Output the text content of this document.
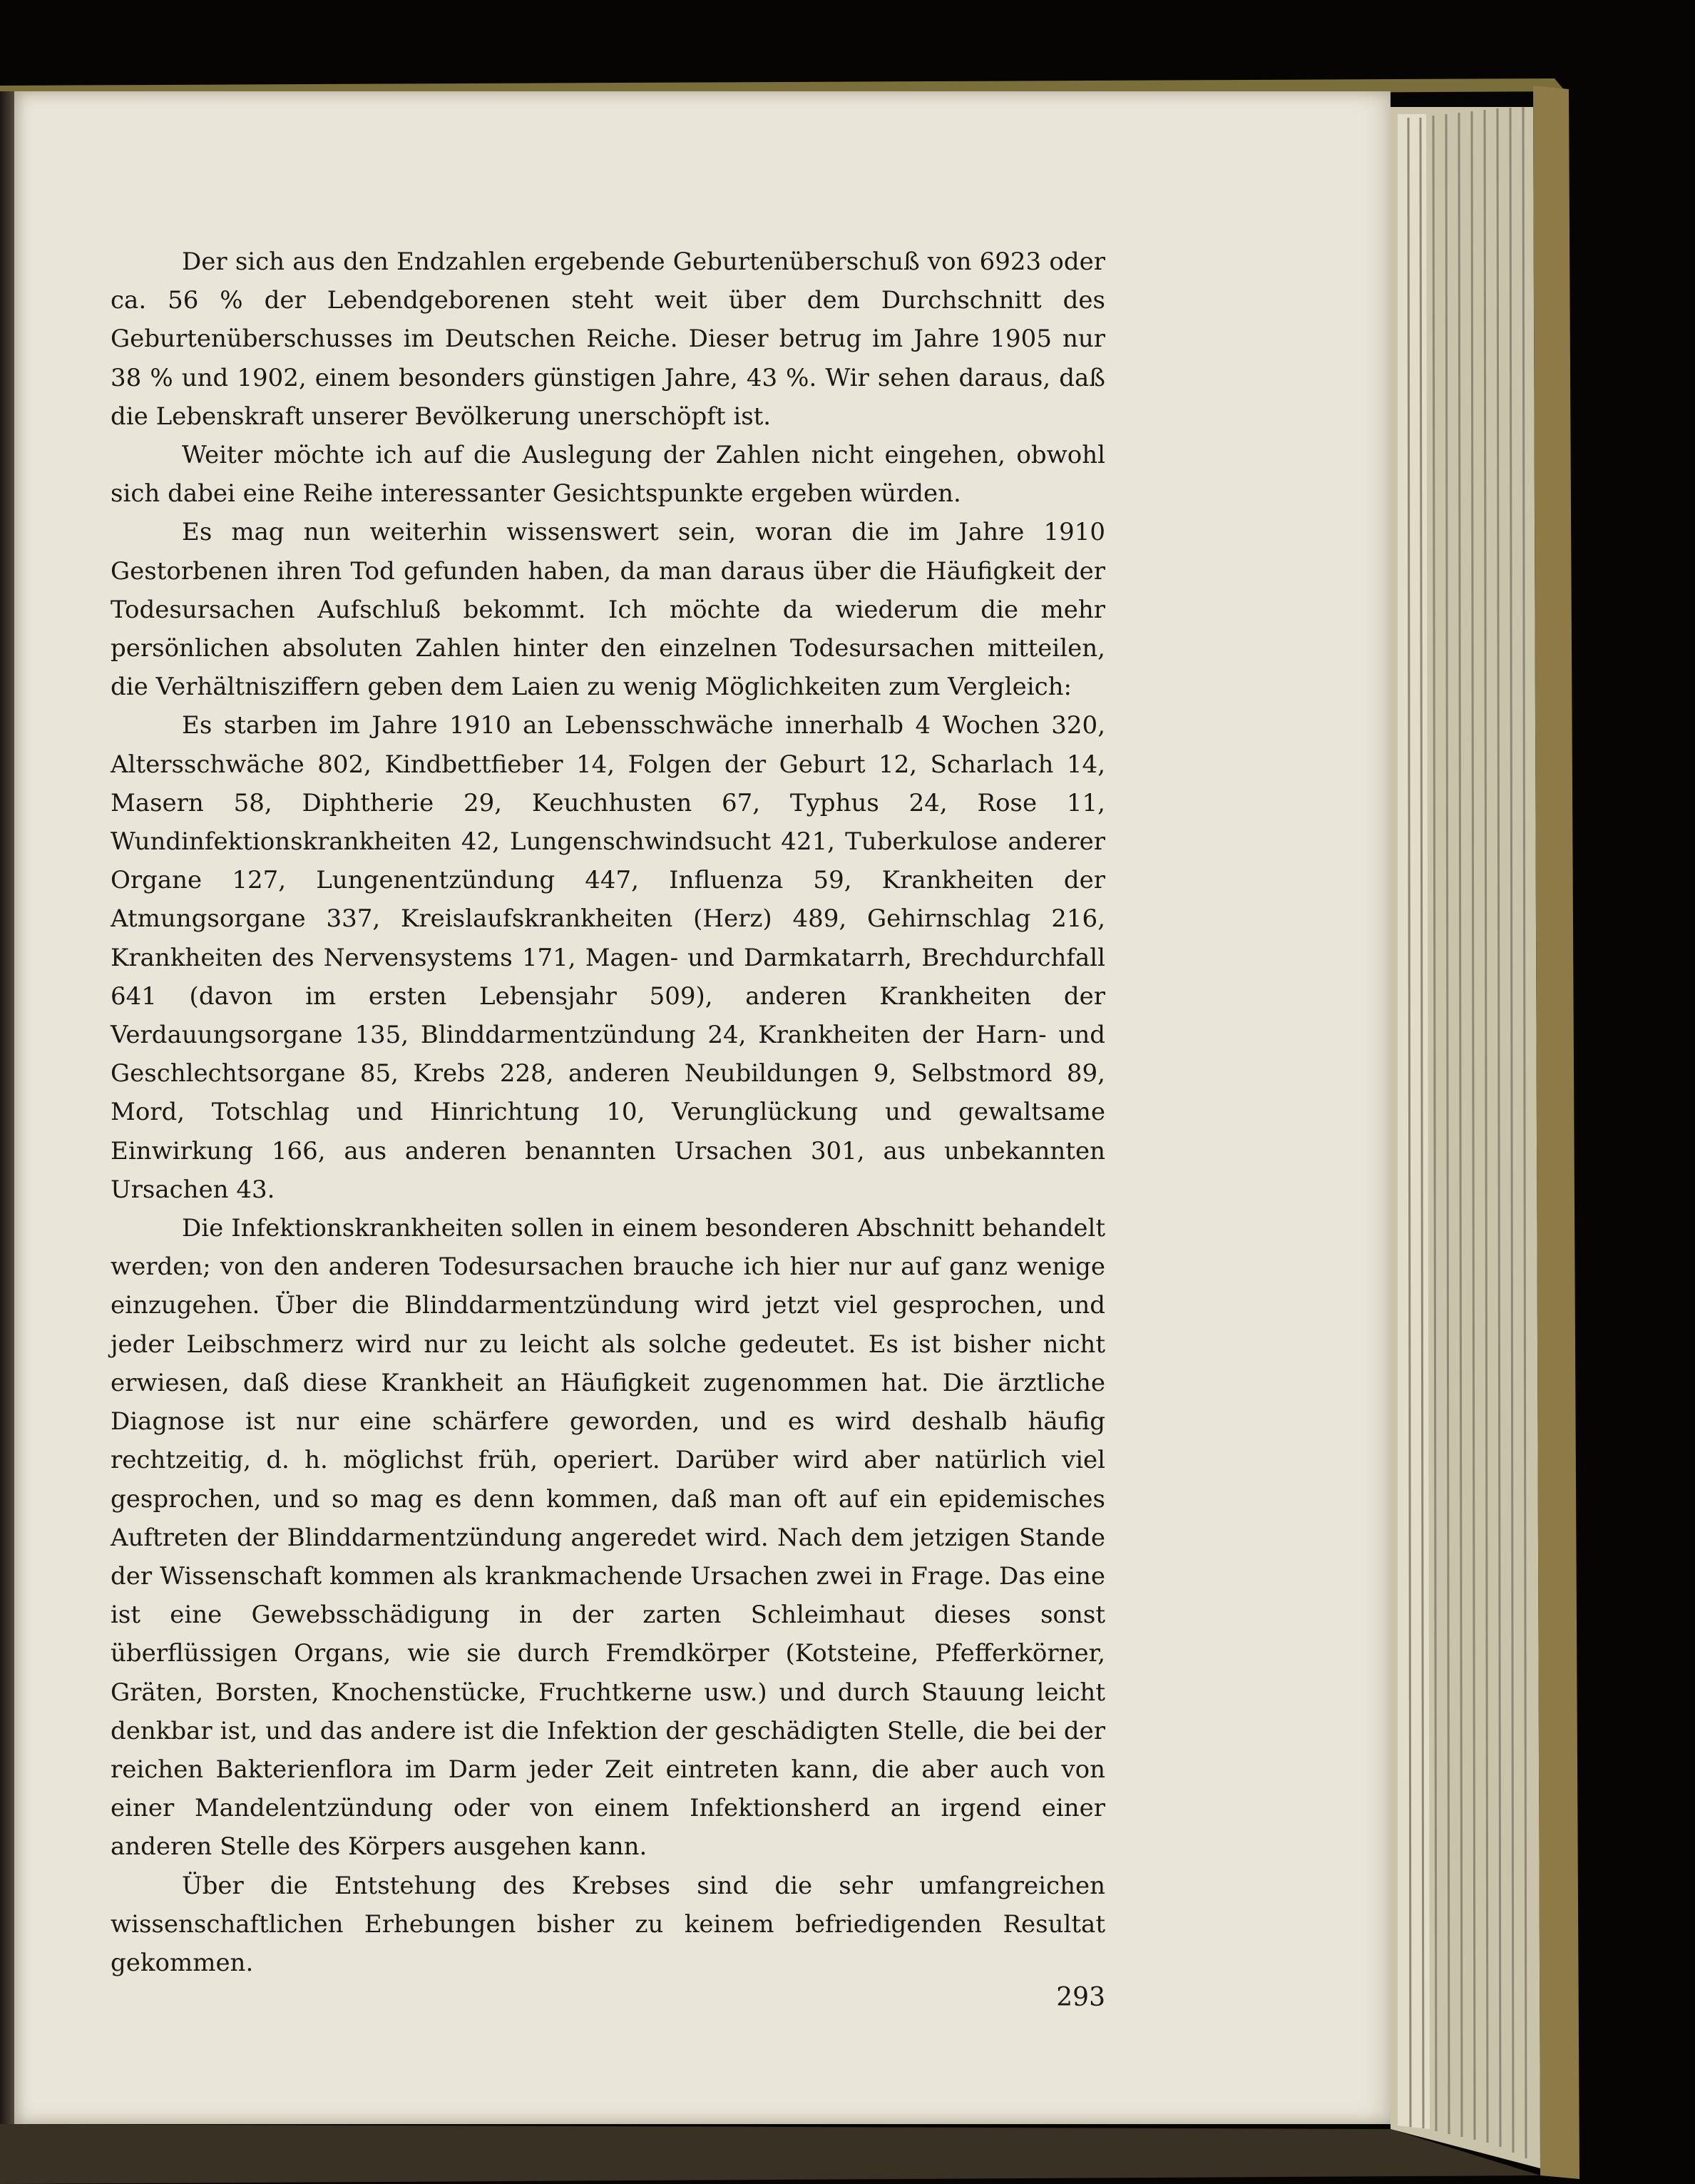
Der sich aus den Endzahlen ergebende Geburtenüberschuß von 6923 oder ca. 56 % der Lebendgeborenen steht weit über dem Durchschnitt des Geburtenüberschusses im Deutschen Reiche. Dieser betrug im Jahre 1905 nur 38 % und 1902, einem besonders günstigen Jahre, 43 %. Wir sehen daraus, daß die Lebenskraft unserer Bevölkerung unerschöpft ist.

Weiter möchte ich auf die Auslegung der Zahlen nicht eingehen, obwohl sich dabei eine Reihe interessanter Gesichtspunkte ergeben würden.

Es mag nun weiterhin wissenswert sein, woran die im Jahre 1910 Gestorbenen ihren Tod gefunden haben, da man daraus über die Häufigkeit der Todesursachen Aufschluß bekommt. Ich möchte da wiederum die mehr persönlichen absoluten Zahlen hinter den einzelnen Todesursachen mitteilen, die Verhältnisziffern geben dem Laien zu wenig Möglichkeiten zum Vergleich:

Es starben im Jahre 1910 an Lebensschwäche innerhalb 4 Wochen 320, Altersschwäche 802, Kindbettfieber 14, Folgen der Geburt 12, Scharlach 14, Masern 58, Diphtherie 29, Keuchhusten 67, Typhus 24, Rose 11, Wundinfektionskrankheiten 42, Lungenschwindsucht 421, Tuberkulose anderer Organe 127, Lungenentzündung 447, Influenza 59, Krankheiten der Atmungsorgane 337, Kreislaufskrankheiten (Herz) 489, Gehirnschlag 216, Krankheiten des Nervensystems 171, Magen- und Darmkatarrh, Brechdurchfall 641 (davon im ersten Lebensjahr 509), anderen Krankheiten der Verdauungsorgane 135, Blinddarmentzündung 24, Krankheiten der Harn- und Geschlechtsorgane 85, Krebs 228, anderen Neubildungen 9, Selbstmord 89, Mord, Totschlag und Hinrichtung 10, Verunglückung und gewaltsame Einwirkung 166, aus anderen benannten Ursachen 301, aus unbekannten Ursachen 43.

Die Infektionskrankheiten sollen in einem besonderen Abschnitt behandelt werden; von den anderen Todesursachen brauche ich hier nur auf ganz wenige einzugehen. Über die Blinddarmentzündung wird jetzt viel gesprochen, und jeder Leibschmerz wird nur zu leicht als solche gedeutet. Es ist bisher nicht erwiesen, daß diese Krankheit an Häufigkeit zugenommen hat. Die ärztliche Diagnose ist nur eine schärfere geworden, und es wird deshalb häufig rechtzeitig, d. h. möglichst früh, operiert. Darüber wird aber natürlich viel gesprochen, und so mag es denn kommen, daß man oft auf ein epidemisches Auftreten der Blinddarmentzündung angeredet wird. Nach dem jetzigen Stande der Wissenschaft kommen als krankmachende Ursachen zwei in Frage. Das eine ist eine Gewebsschädigung in der zarten Schleimhaut dieses sonst überflüssigen Organs, wie sie durch Fremdkörper (Kotsteine, Pfefferkörner, Gräten, Borsten, Knochenstücke, Fruchtkerne usw.) und durch Stauung leicht denkbar ist, und das andere ist die Infektion der geschädigten Stelle, die bei der reichen Bakterienflora im Darm jeder Zeit eintreten kann, die aber auch von einer Mandelentzündung oder von einem Infektionsherd an irgend einer anderen Stelle des Körpers ausgehen kann.

Über die Entstehung des Krebses sind die sehr umfangreichen wissenschaftlichen Erhebungen bisher zu keinem befriedigenden Resultat gekommen.

293
